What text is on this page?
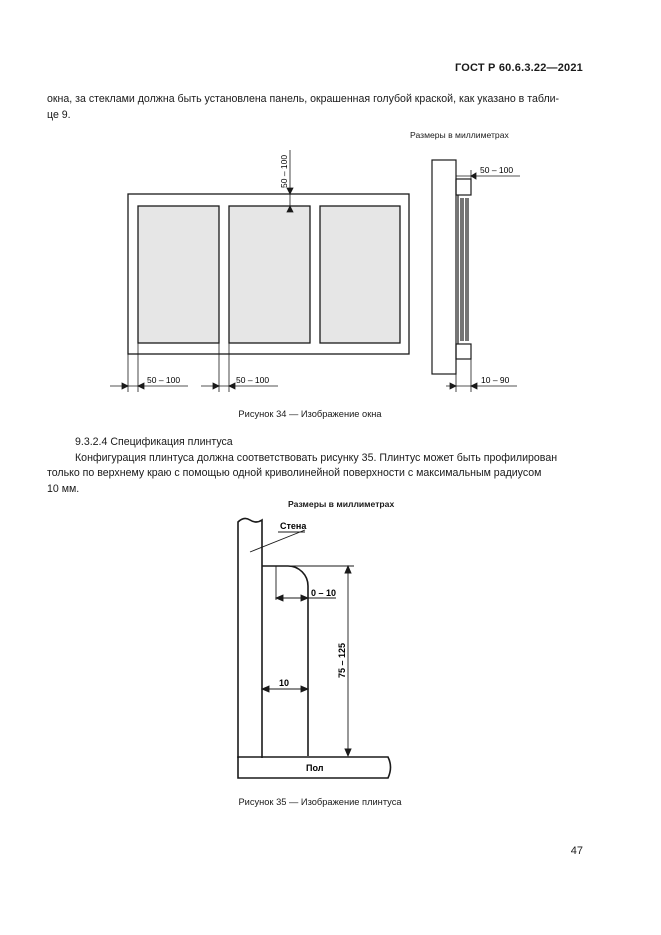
ГОСТ Р 60.6.3.22—2021
окна, за стеклами должна быть установлена панель, окрашенная голубой краской, как указано в табли-
це 9.
Размеры в миллиметрах
50 – 100
50 – 100	50 – 100
50 – 100
10 – 90
Рисунок 34 — Изображение окна
9.3.2.4 Спецификация плинтуса
Конфигурация плинтуса должна соответствовать рисунку 35. Плинтус может быть профилирован
только по верхнему краю с помощью одной криволинейной поверхности с максимальным радиусом
10 мм.
Размеры в миллиметрах
Стена
0 – 10
10
75 – 125
Пол
Рисунок 35 — Изображение плинтуса
47
